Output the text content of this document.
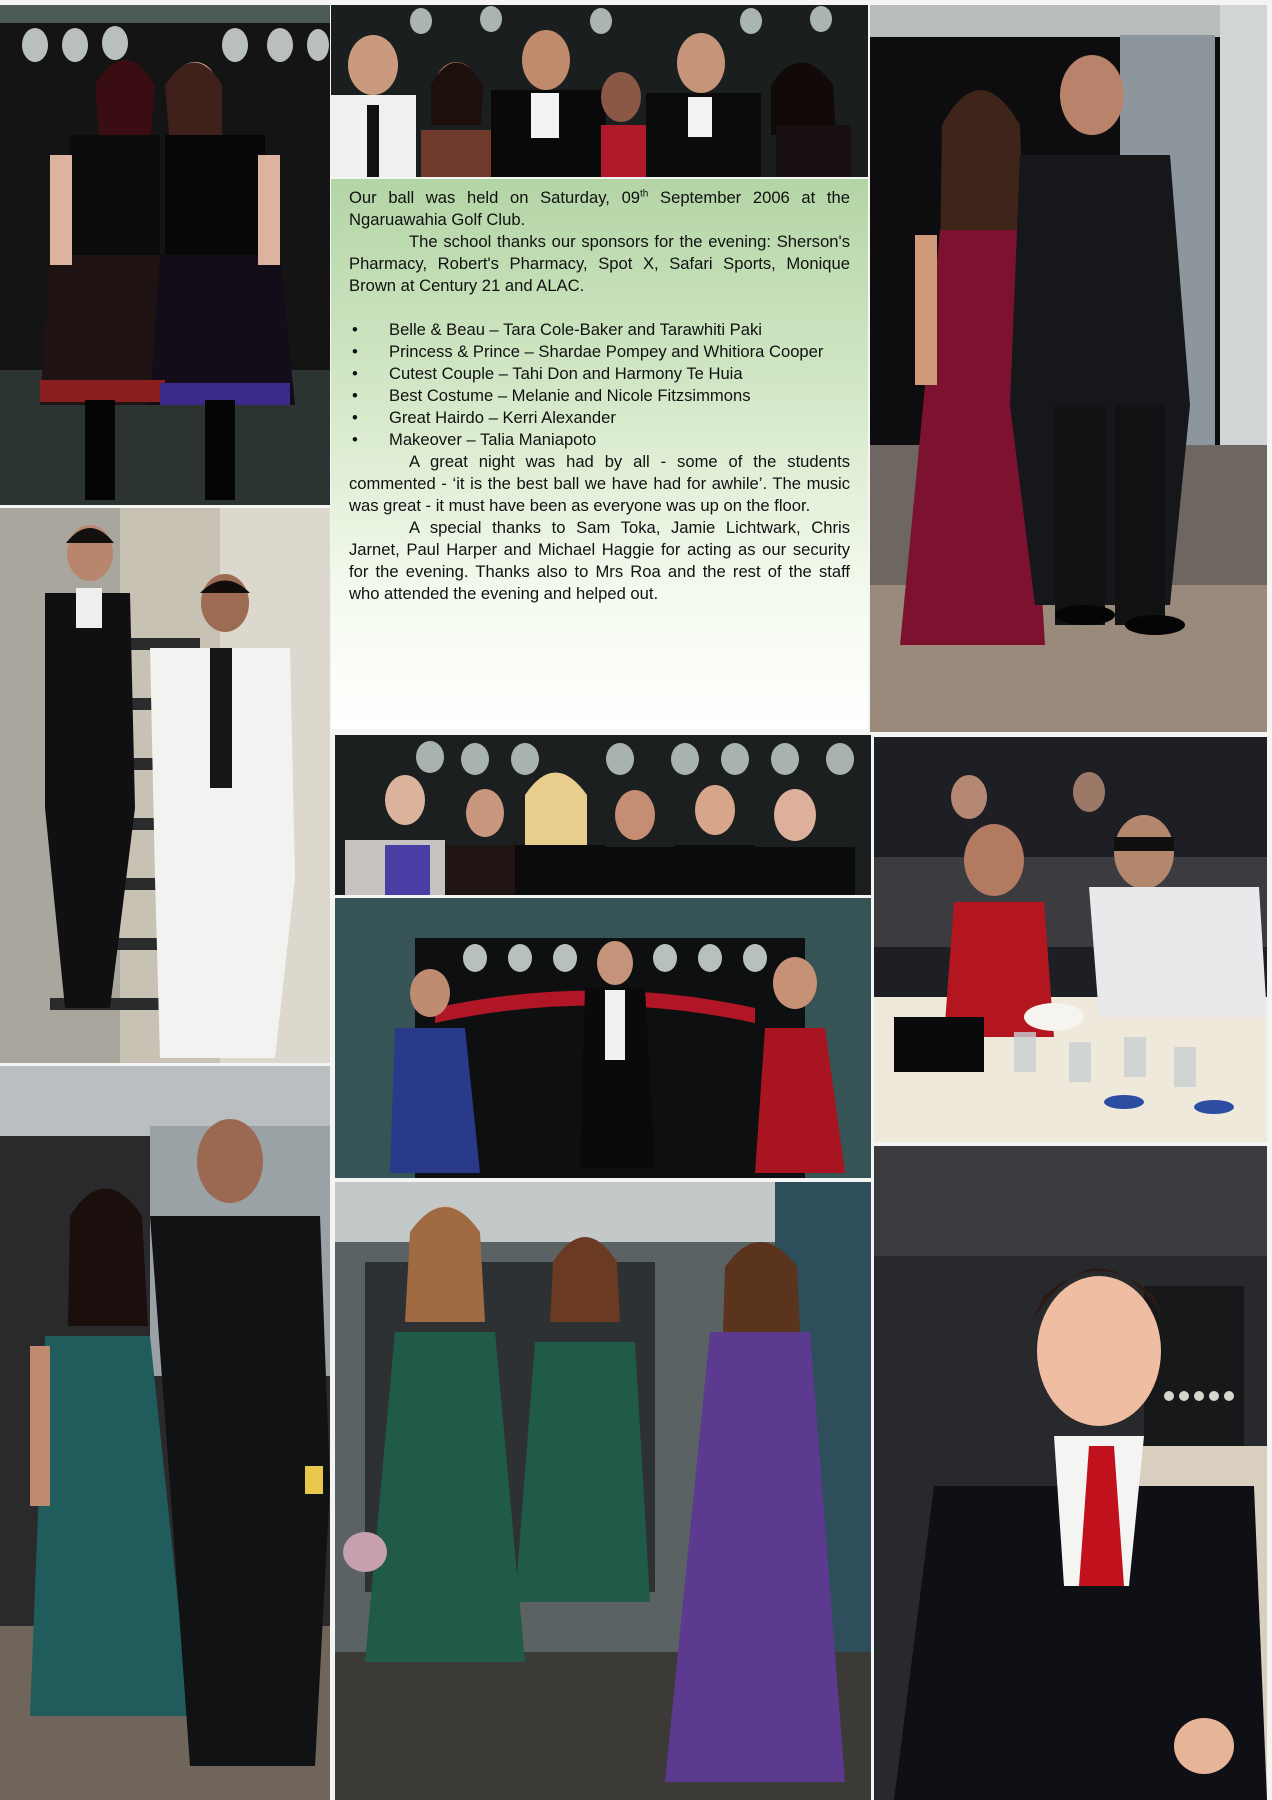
Our ball was held on Saturday, 09th September 2006 at the Ngaruawahia Golf Club.

The school thanks our sponsors for the evening: Sherson's Pharmacy, Robert's Pharmacy, Spot X, Safari Sports, Monique Brown at Century 21 and ALAC.

• Belle & Beau – Tara Cole-Baker and Tarawhiti Paki
• Princess & Prince – Shardae Pompey and Whitiora Cooper
• Cutest Couple – Tahi Don and Harmony Te Huia
• Best Costume – Melanie and Nicole Fitzsimmons
• Great Hairdo – Kerri Alexander
• Makeover – Talia Maniapoto

A great night was had by all - some of the students commented - ‘it is the best ball we have had for awhile’. The music was great - it must have been as everyone was up on the floor.

A special thanks to Sam Toka, Jamie Lichtwark, Chris Jarnet, Paul Harper and Michael Haggie for acting as our security for the evening. Thanks also to Mrs Roa and the rest of the staff who attended the evening and helped out.
